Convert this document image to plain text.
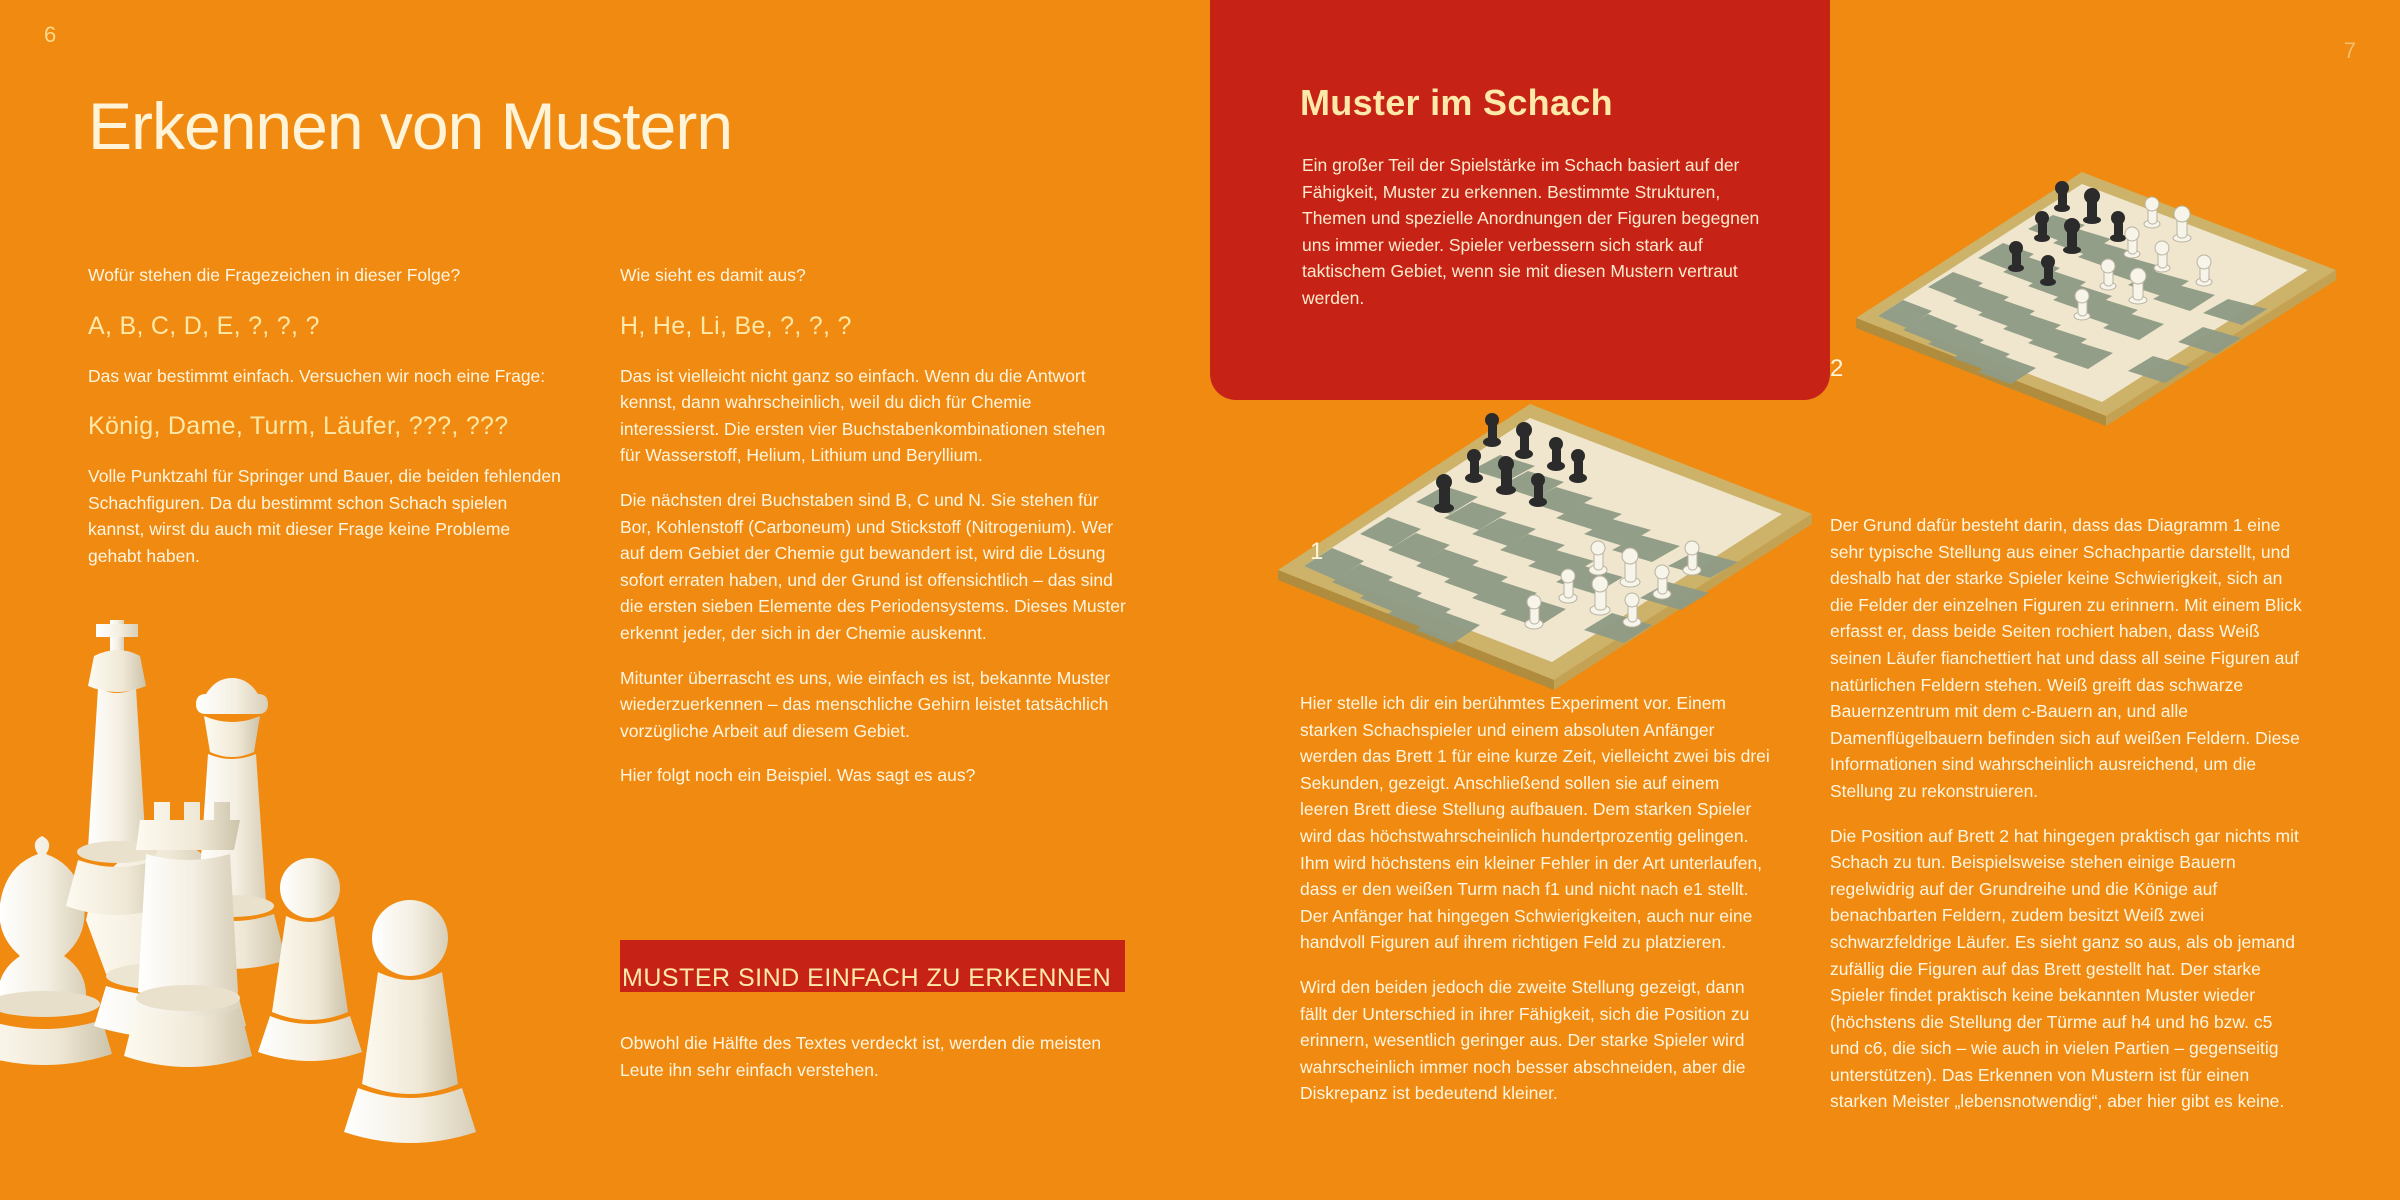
6
7
Erkennen von Mustern

Wofür stehen die Fragezeichen in dieser Folge?

A, B, C, D, E, ?, ?, ?

Das war bestimmt einfach. Versuchen wir noch eine Frage:

König, Dame, Turm, Läufer, ???, ???

Volle Punktzahl für Springer und Bauer, die beiden fehlenden Schachfiguren. Da du bestimmt schon Schach spielen kannst, wirst du auch mit dieser Frage keine Probleme gehabt haben.

Wie sieht es damit aus?

H, He, Li, Be, ?, ?, ?

Das ist vielleicht nicht ganz so einfach. Wenn du die Antwort kennst, dann wahrscheinlich, weil du dich für Chemie interessierst. Die ersten vier Buchstabenkombinationen stehen für Wasserstoff, Helium, Lithium und Beryllium.

Die nächsten drei Buchstaben sind B, C und N. Sie stehen für Bor, Kohlenstoff (Carboneum) und Stickstoff (Nitrogenium). Wer auf dem Gebiet der Chemie gut bewandert ist, wird die Lösung sofort erraten haben, und der Grund ist offensichtlich – das sind die ersten sieben Elemente des Periodensystems. Dieses Muster erkennt jeder, der sich in der Chemie auskennt.

Mitunter überrascht es uns, wie einfach es ist, bekannte Muster wiederzuerkennen – das menschliche Gehirn leistet tatsächlich vorzügliche Arbeit auf diesem Gebiet.

Hier folgt noch ein Beispiel. Was sagt es aus?

MUSTER SIND EINFACH ZU ERKENNEN

Obwohl die Hälfte des Textes verdeckt ist, werden die meisten Leute ihn sehr einfach verstehen.

Muster im Schach
Ein großer Teil der Spielstärke im Schach basiert auf der Fähigkeit, Muster zu erkennen. Bestimmte Strukturen, Themen und spezielle Anordnungen der Figuren begegnen uns immer wieder. Spieler verbessern sich stark auf taktischem Gebiet, wenn sie mit diesen Mustern vertraut werden.
1
2

Hier stelle ich dir ein berühmtes Experiment vor. Einem starken Schachspieler und einem absoluten Anfänger werden das Brett 1 für eine kurze Zeit, vielleicht zwei bis drei Sekunden, gezeigt. Anschließend sollen sie auf einem leeren Brett diese Stellung aufbauen. Dem starken Spieler wird das höchstwahrscheinlich hundertprozentig gelingen. Ihm wird höchstens ein kleiner Fehler in der Art unterlaufen, dass er den weißen Turm nach f1 und nicht nach e1 stellt. Der Anfänger hat hingegen Schwierigkeiten, auch nur eine handvoll Figuren auf ihrem richtigen Feld zu platzieren.

Wird den beiden jedoch die zweite Stellung gezeigt, dann fällt der Unterschied in ihrer Fähigkeit, sich die Position zu erinnern, wesentlich geringer aus. Der starke Spieler wird wahrscheinlich immer noch besser abschneiden, aber die Diskrepanz ist bedeutend kleiner.

Der Grund dafür besteht darin, dass das Diagramm 1 eine sehr typische Stellung aus einer Schachpartie darstellt, und deshalb hat der starke Spieler keine Schwierigkeit, sich an die Felder der einzelnen Figuren zu erinnern. Mit einem Blick erfasst er, dass beide Seiten rochiert haben, dass Weiß seinen Läufer fianchettiert hat und dass all seine Figuren auf natürlichen Feldern stehen. Weiß greift das schwarze Bauernzentrum mit dem c-Bauern an, und alle Damenflügelbauern befinden sich auf weißen Feldern. Diese Informationen sind wahrscheinlich ausreichend, um die Stellung zu rekonstruieren.

Die Position auf Brett 2 hat hingegen praktisch gar nichts mit Schach zu tun. Beispielsweise stehen einige Bauern regelwidrig auf der Grundreihe und die Könige auf benachbarten Feldern, zudem besitzt Weiß zwei schwarzfeldrige Läufer. Es sieht ganz so aus, als ob jemand zufällig die Figuren auf das Brett gestellt hat. Der starke Spieler findet praktisch keine bekannten Muster wieder (höchstens die Stellung der Türme auf h4 und h6 bzw. c5 und c6, die sich – wie auch in vielen Partien – gegenseitig unterstützen). Das Erkennen von Mustern ist für einen starken Meister „lebensnotwendig“, aber hier gibt es keine.
